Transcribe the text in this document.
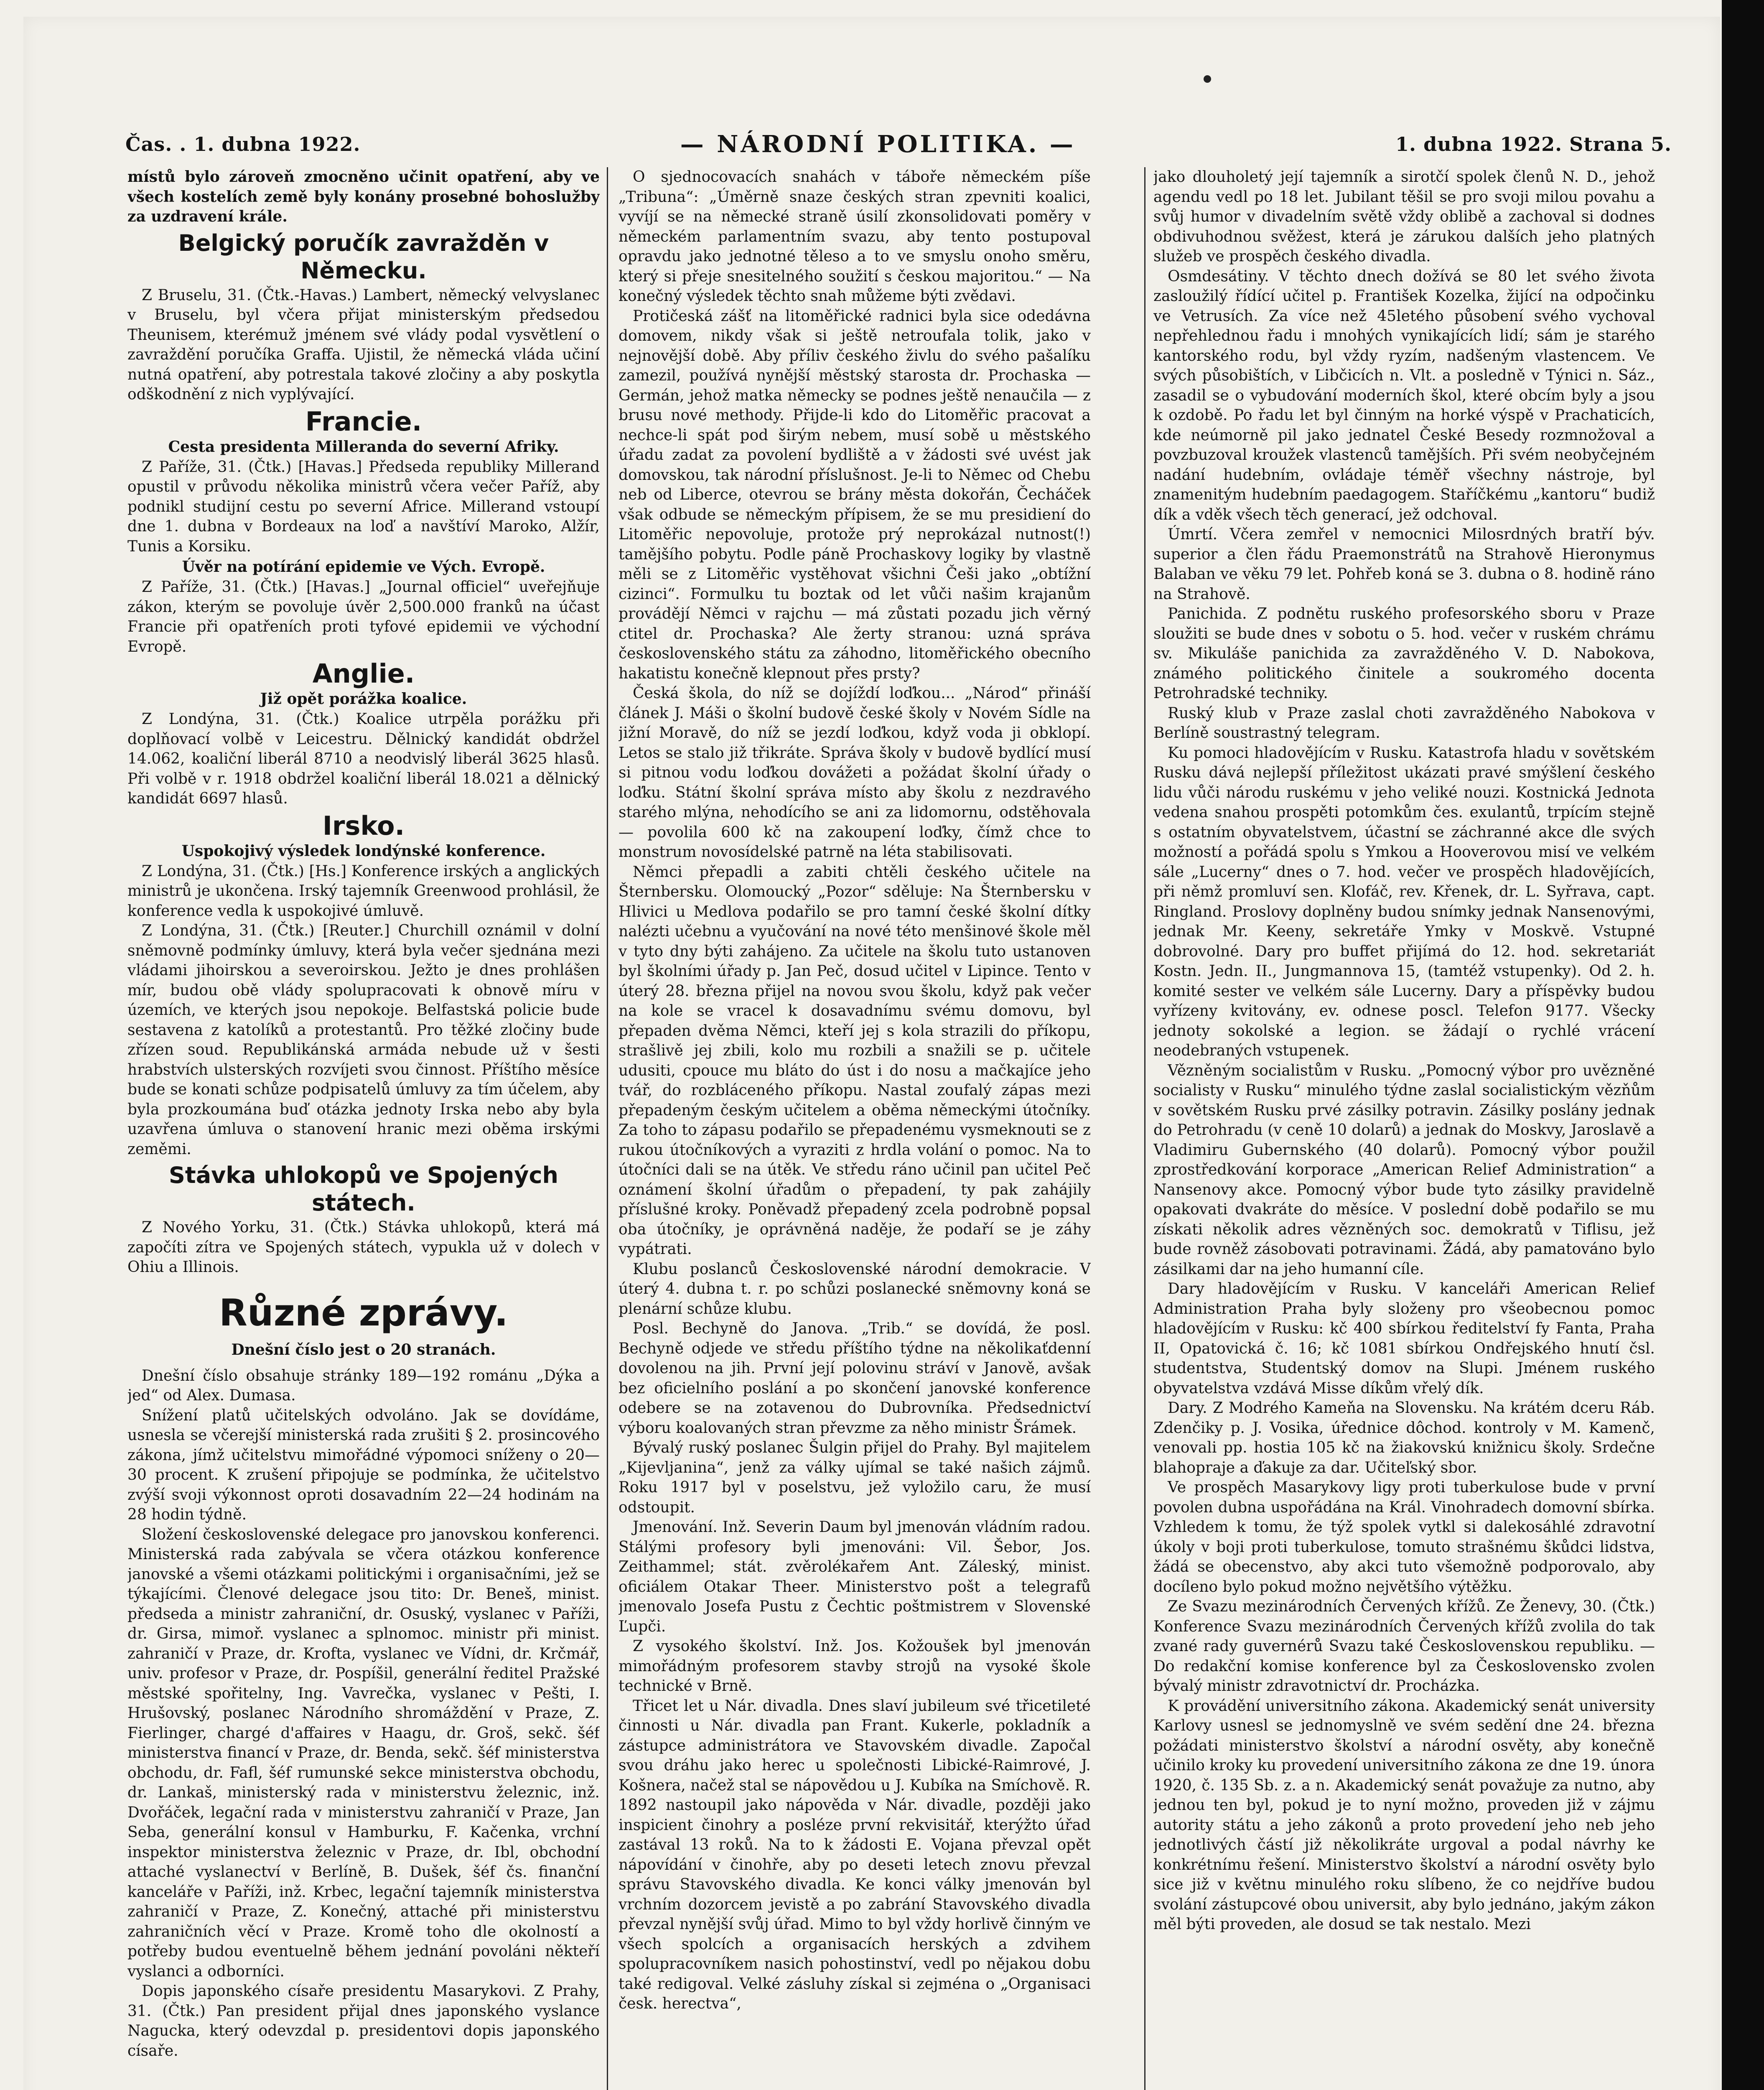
Čas. . 1. dubna 1922.	— NÁRODNÍ POLITIKA. —	1. dubna 1922. Strana 5.

místů bylo zároveň zmocněno učinit opatření, aby ve všech kostelích země byly konány prosebné bohoslužby za uzdravení krále.

Belgický poručík zavražděn v Německu.

Z Bruselu, 31. (Čtk.-Havas.) Lambert, německý velvyslanec v Bruselu, byl včera přijat ministerským předsedou Theunisem, kterémuž jménem své vlády podal vysvětlení o zavraždění poručíka Graffa. Ujistil, že německá vláda učiní nutná opatření, aby potrestala takové zločiny a aby poskytla odškodnění z nich vyplývající.

Francie.
Cesta presidenta Milleranda do severní Afriky.

Z Paříže, 31. (Čtk.) [Havas.] Předseda republiky Millerand opustil v průvodu několika ministrů včera večer Paříž, aby podnikl studijní cestu po severní Africe. Millerand vstoupí dne 1. dubna v Bordeaux na loď a navštíví Maroko, Alžír, Tunis a Korsiku.

Úvěr na potírání epidemie ve Vých. Evropě.

Z Paříže, 31. (Čtk.) [Havas.] „Journal officiel“ uveřejňuje zákon, kterým se povoluje úvěr 2,500.000 franků na účast Francie při opatřeních proti tyfové epidemii ve východní Evropě.

Anglie.
Již opět porážka koalice.

Z Londýna, 31. (Čtk.) Koalice utrpěla porážku při doplňovací volbě v Leicestru. Dělnický kandidát obdržel 14.062, koaliční liberál 8710 a neodvislý liberál 3625 hlasů. Při volbě v r. 1918 obdržel koaliční liberál 18.021 a dělnický kandidát 6697 hlasů.

Irsko.
Uspokojivý výsledek londýnské konference.

Z Londýna, 31. (Čtk.) [Hs.] Konference irských a anglických ministrů je ukončena. Irský tajemník Greenwood prohlásil, že konference vedla k uspokojivé úmluvě.

Z Londýna, 31. (Čtk.) [Reuter.] Churchill oznámil v dolní sněmovně podmínky úmluvy, která byla večer sjednána mezi vládami jihoirskou a severoirskou. Ježto je dnes prohlášen mír, budou obě vlády spolupracovati k obnově míru v územích, ve kterých jsou nepokoje. Belfastská policie bude sestavena z katolíků a protestantů. Pro těžké zločiny bude zřízen soud. Republikánská armáda nebude už v šesti hrabstvích ulsterských rozvíjeti svou činnost. Příštího měsíce bude se konati schůze podpisatelů úmluvy za tím účelem, aby byla prozkoumána buď otázka jednoty Irska nebo aby byla uzavřena úmluva o stanovení hranic mezi oběma irskými zeměmi.

Stávka uhlokopů ve Spojených státech.

Z Nového Yorku, 31. (Čtk.) Stávka uhlokopů, která má započíti zítra ve Spojených státech, vypukla už v dolech v Ohiu a Illinois.

Různé zprávy.
Dnešní číslo jest o 20 stranách.

Dnešní číslo obsahuje stránky 189—192 románu „Dýka a jed“ od Alex. Dumasa.

Snížení platů učitelských odvoláno. Jak se dovídáme, usnesla se včerejší ministerská rada zrušiti § 2. prosincového zákona, jímž učitelstvu mimořádné výpomoci sníženy o 20—30 procent. K zrušení připojuje se podmínka, že učitelstvo zvýší svoji výkonnost oproti dosavadním 22—24 hodinám na 28 hodin týdně.

Složení československé delegace pro janovskou konferenci. Ministerská rada zabývala se včera otázkou konference janovské a všemi otázkami politickými i organisačními, jež se týkajícími. Členové delegace jsou tito: Dr. Beneš, minist. předseda a ministr zahraniční, dr. Osuský, vyslanec v Paříži, dr. Girsa, mimoř. vyslanec a splnomoc. ministr při minist. zahraničí v Praze, dr. Krofta, vyslanec ve Vídni, dr. Krčmář, univ. profesor v Praze, dr. Pospíšil, generální ředitel Pražské městské spořitelny, Ing. Vavrečka, vyslanec v Pešti, I. Hrušovský, poslanec Národního shromáždění v Praze, Z. Fierlinger, chargé d'affaires v Haagu, dr. Groš, sekč. šéf ministerstva financí v Praze, dr. Benda, sekč. šéf ministerstva obchodu, dr. Fafl, šéf rumunské sekce ministerstva obchodu, dr. Lankaš, ministerský rada v ministerstvu železnic, inž. Dvořáček, legační rada v ministerstvu zahraničí v Praze, Jan Seba, generální konsul v Hamburku, F. Kačenka, vrchní inspektor ministerstva železnic v Praze, dr. Ibl, obchodní attaché vyslanectví v Berlíně, B. Dušek, šéf čs. finanční kanceláře v Paříži, inž. Krbec, legační tajemník ministerstva zahraničí v Praze, Z. Konečný, attaché při ministerstvu zahraničních věcí v Praze. Kromě toho dle okolností a potřeby budou eventuelně během jednání povoláni někteří vyslanci a odborníci.

Dopis japonského císaře presidentu Masarykovi. Z Prahy, 31. (Čtk.) Pan president přijal dnes japonského vyslance Nagucka, který odevzdal p. presidentovi dopis japonského císaře.

O sjednocovacích snahách v táboře německém píše „Tribuna“: „Úměrně snaze českých stran zpevniti koalici, vyvíjí se na německé straně úsilí zkonsolidovati poměry v německém parlamentním svazu, aby tento postupoval opravdu jako jednotné těleso a to ve smyslu onoho směru, který si přeje snesitelného soužití s českou majoritou.“ — Na konečný výsledek těchto snah můžeme býti zvědavi.

Protičeská zášť na litoměřické radnici byla sice odedávna domovem, nikdy však si ještě netroufala tolik, jako v nejnovější době. Aby příliv českého živlu do svého pašalíku zamezil, používá nynější městský starosta dr. Prochaska — Germán, jehož matka německy se podnes ještě nenaučila — z brusu nové methody. Přijde-li kdo do Litoměřic pracovat a nechce-li spát pod širým nebem, musí sobě u městského úřadu zadat za povolení bydliště a v žádosti své uvést jak domovskou, tak národní příslušnost. Je-li to Němec od Chebu neb od Liberce, otevrou se brány města dokořán, Čecháček však odbude se německým přípisem, že se mu presidiení do Litoměřic nepovoluje, protože prý neprokázal nutnost(!) tamějšího pobytu. Podle páně Prochaskovy logiky by vlastně měli se z Litoměřic vystěhovat všichni Češi jako „obtížní cizinci“. Formulku tu boztak od let vůči našim krajanům provádějí Němci v rajchu — má zůstati pozadu jich věrný ctitel dr. Prochaska? Ale žerty stranou: uzná správa československého státu za záhodno, litoměřického obecního hakatistu konečně klepnout přes prsty?

Česká škola, do níž se dojíždí loďkou... „Národ“ přináší článek J. Máši o školní budově české školy v Novém Sídle na jižní Moravě, do níž se jezdí loďkou, když voda ji obklopí. Letos se stalo již třikráte. Správa školy v budově bydlící musí si pitnou vodu loďkou dovážeti a požádat školní úřady o loďku. Státní školní správa místo aby školu z nezdravého starého mlýna, nehodícího se ani za lidomornu, odstěhovala — povolila 600 kč na zakoupení loďky, čímž chce to monstrum novosídelské patrně na léta stabilisovati.

Němci přepadli a zabiti chtěli českého učitele na Šternbersku. Olomoucký „Pozor“ sděluje: Na Šternbersku v Hlivici u Medlova podařilo se pro tamní české školní dítky nalézti učebnu a vyučování na nové této menšinové škole měl v tyto dny býti zahájeno. Za učitele na školu tuto ustanoven byl školními úřady p. Jan Peč, dosud učitel v Lipince. Tento v úterý 28. března přijel na novou svou školu, když pak večer na kole se vracel k dosavadnímu svému domovu, byl přepaden dvěma Němci, kteří jej s kola strazili do příkopu, strašlivě jej zbili, kolo mu rozbili a snažili se p. učitele udusiti, cpouce mu bláto do úst i do nosu a mačkajíce jeho tvář, do rozbláceného příkopu. Nastal zoufalý zápas mezi přepadeným českým učitelem a oběma německými útočníky. Za toho to zápasu podařilo se přepadenému vysmeknouti se z rukou útočníkových a vyraziti z hrdla volání o pomoc. Na to útočníci dali se na útěk. Ve středu ráno učinil pan učitel Peč oznámení školní úřadům o přepadení, ty pak zahájily příslušné kroky. Poněvadž přepadený zcela podrobně popsal oba útočníky, je oprávněná naděje, že podaří se je záhy vypátrati.

Klubu poslanců Československé národní demokracie. V úterý 4. dubna t. r. po schůzi poslanecké sněmovny koná se plenární schůze klubu.

Posl. Bechyně do Janova. „Trib.“ se dovídá, že posl. Bechyně odjede ve středu příštího týdne na několikaťdenní dovolenou na jih. První její polovinu stráví v Janově, avšak bez oficielního poslání a po skončení janovské konference odebere se na zotavenou do Dubrovníka. Předsednictví výboru koalovaných stran převzme za něho ministr Šrámek.

Bývalý ruský poslanec Šulgin přijel do Prahy. Byl majitelem „Kijevljanina“, jenž za války ujímal se také našich zájmů. Roku 1917 byl v poselstvu, jež vyložilo caru, že musí odstoupit.

Jmenování. Inž. Severin Daum byl jmenován vládním radou. Stálými profesory byli jmenováni: Vil. Šebor, Jos. Zeithammel; stát. zvěrolékařem Ant. Záleský, minist. oficiálem Otakar Theer. Ministerstvo pošt a telegrafů jmenovalo Josefa Pustu z Čechtic poštmistrem v Slovenské Ľupči.

Z vysokého školství. Inž. Jos. Kožoušek byl jmenován mimořádným profesorem stavby strojů na vysoké škole technické v Brně.

Třicet let u Nár. divadla. Dnes slaví jubileum své třicetileté činnosti u Nár. divadla pan Frant. Kukerle, pokladník a zástupce administrátora ve Stavovském divadle. Započal svou dráhu jako herec u společnosti Libické-Raimrové, J. Košnera, načež stal se nápovědou u J. Kubíka na Smíchově. R. 1892 nastoupil jako nápověda v Nár. divadle, později jako inspicient činohry a posléze první rekvisitář, kterýžto úřad zastával 13 roků. Na to k žádosti E. Vojana převzal opět nápovídání v činohře, aby po deseti letech znovu převzal správu Stavovského divadla. Ke konci války jmenován byl vrchním dozorcem jevistě a po zabrání Stavovského divadla převzal nynější svůj úřad. Mimo to byl vždy horlivě činným ve všech spolcích a organisacích herských a zdvihem spolupracovníkem nasich pohostinství, vedl po nějakou dobu také redigoval. Velké zásluhy získal si zejména o „Organisaci česk. herectva“,

jako dlouholetý její tajemník a sirotčí spolek členů N. D., jehož agendu vedl po 18 let. Jubilant těšil se pro svoji milou povahu a svůj humor v divadelním světě vždy oblibě a zachoval si dodnes obdivuhodnou svěžest, která je zárukou dalších jeho platných služeb ve prospěch českého divadla.

Osmdesátiny. V těchto dnech dožívá se 80 let svého života zasloužilý řídící učitel p. František Kozelka, žijící na odpočinku ve Vetrusích. Za více než 45letého působení svého vychoval nepřehlednou řadu i mnohých vynikajících lidí; sám je starého kantorského rodu, byl vždy ryzím, nadšeným vlastencem. Ve svých působištích, v Libčicích n. Vlt. a posledně v Týnici n. Sáz., zasadil se o vybudování moderních škol, které obcím byly a jsou k ozdobě. Po řadu let byl činným na horké výspě v Prachaticích, kde neúmorně pil jako jednatel České Besedy rozmnožoval a povzbuzoval kroužek vlastenců tamějších. Při svém neobyčejném nadání hudebním, ovládaje téměř všechny nástroje, byl znamenitým hudebním paedagogem. Staříčkému „kantoru“ budiž dík a vděk všech těch generací, jež odchoval.

Úmrtí. Včera zemřel v nemocnici Milosrdných bratří býv. superior a člen řádu Praemonstrátů na Strahově Hieronymus Balaban ve věku 79 let. Pohřeb koná se 3. dubna o 8. hodině ráno na Strahově.

Panichida. Z podnětu ruského profesorského sboru v Praze sloužiti se bude dnes v sobotu o 5. hod. večer v ruském chrámu sv. Mikuláše panichida za zavražděného V. D. Nabokova, známého politického činitele a soukromého docenta Petrohradské techniky.

Ruský klub v Praze zaslal choti zavražděného Nabokova v Berlíně soustrastný telegram.

Ku pomoci hladovějícím v Rusku. Katastrofa hladu v sovětském Rusku dává nejlepší příležitost ukázati pravé smýšlení českého lidu vůči národu ruskému v jeho veliké nouzi. Kostnická Jednota vedena snahou prospěti potomkům čes. exulantů, trpícím stejně s ostatním obyvatelstvem, účastní se záchranné akce dle svých možností a pořádá spolu s Ymkou a Hooverovou misí ve velkém sále „Lucerny“ dnes o 7. hod. večer ve prospěch hladovějících, při němž promluví sen. Klofáč, rev. Křenek, dr. L. Syřrava, capt. Ringland. Proslovy doplněny budou snímky jednak Nansenovými, jednak Mr. Keeny, sekretáře Ymky v Moskvě. Vstupné dobrovolné. Dary pro buffet přijímá do 12. hod. sekretariát Kostn. Jedn. II., Jungmannova 15, (tamtéž vstupenky). Od 2. h. komité sester ve velkém sále Lucerny. Dary a příspěvky budou vyřízeny kvitovány, ev. odnese poscl. Telefon 9177. Všecky jednoty sokolské a legion. se žádají o rychlé vrácení neodebraných vstupenek.

Vězněným socialistům v Rusku. „Pomocný výbor pro uvězněné socialisty v Rusku“ minulého týdne zaslal socialistickým vězňům v sovětském Rusku prvé zásilky potravin. Zásilky poslány jednak do Petrohradu (v ceně 10 dolarů) a jednak do Moskvy, Jaroslavě a Vladimiru Gubernského (40 dolarů). Pomocný výbor použil zprostředkování korporace „American Relief Administration“ a Nansenovy akce. Pomocný výbor bude tyto zásilky pravidelně opakovati dvakráte do měsíce. V poslední době podařilo se mu získati několik adres vězněných soc. demokratů v Tiflisu, jež bude rovněž zásobovati potravinami. Žádá, aby pamatováno bylo zásilkami dar na jeho humanní cíle.

Dary hladovějícím v Rusku. V kanceláři American Relief Administration Praha byly složeny pro všeobecnou pomoc hladovějícím v Rusku: kč 400 sbírkou ředitelství fy Fanta, Praha II, Opatovická č. 16; kč 1081 sbírkou Ondřejského hnutí čsl. studentstva, Studentský domov na Slupi. Jménem ruského obyvatelstva vzdává Misse díkům vřelý dík.

Dary. Z Modrého Kameňa na Slovensku. Na krátém dceru Ráb. Zdenčiky p. J. Vosika, úřednice dôchod. kontroly v M. Kamenč, venovali pp. hostia 105 kč na žiakovskú knižnicu školy. Srdečne blahopraje a ďakuje za dar. Učiteľský sbor.

Ve prospěch Masarykovy ligy proti tuberkulose bude v první povolen dubna uspořádána na Král. Vinohradech domovní sbírka. Vzhledem k tomu, že týž spolek vytkl si dalekosáhlé zdravotní úkoly v boji proti tuberkulose, tomuto strašnému škůdci lidstva, žádá se obecenstvo, aby akci tuto všemožně podporovalo, aby docíleno bylo pokud možno největšího výtěžku.

Ze Svazu mezinárodních Červených křížů. Ze Ženevy, 30. (Čtk.) Konference Svazu mezinárodních Červených křížů zvolila do tak zvané rady guvernérů Svazu také Československou republiku. — Do redakční komise konference byl za Československo zvolen bývalý ministr zdravotnictví dr. Procházka.

K provádění universitního zákona. Akademický senát university Karlovy usnesl se jednomyslně ve svém sedění dne 24. března požádati ministerstvo školství a národní osvěty, aby konečně učinilo kroky ku provedení universitního zákona ze dne 19. února 1920, č. 135 Sb. z. a n. Akademický senát považuje za nutno, aby jednou ten byl, pokud je to nyní možno, proveden již v zájmu autority státu a jeho zákonů a proto provedení jeho neb jeho jednotlivých částí již několikráte urgoval a podal návrhy ke konkrétnímu řešení. Ministerstvo školství a národní osvěty bylo sice již v květnu minulého roku slíbeno, že co nejdříve budou svolání zástupcové obou universit, aby bylo jednáno, jakým zákon měl býti proveden, ale dosud se tak nestalo. Mezi
